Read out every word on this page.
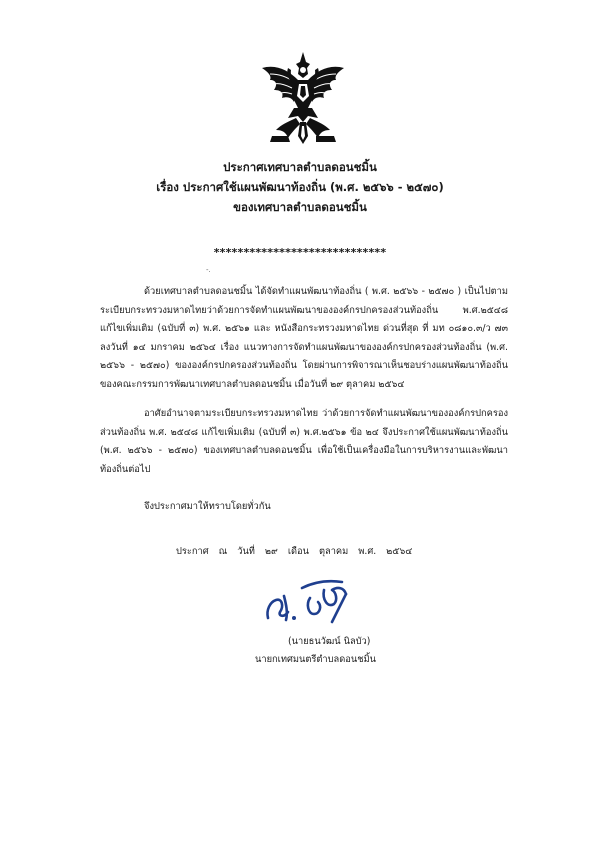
ประกาศเทศบาลตำบลดอนชมิ้น
เรื่อง ประกาศใช้แผนพัฒนาท้องถิ่น (พ.ศ. ๒๕๖๖ - ๒๕๗๐)
ของเทศบาลตำบลดอนชมิ้น
*****************************
-.

ด้วยเทศบาลตำบลดอนชมิ้น ได้จัดทำแผนพัฒนาท้องถิ่น ( พ.ศ. ๒๕๖๖ - ๒๕๗๐ ) เป็นไปตามระเบียบกระทรวงมหาดไทยว่าด้วยการจัดทำแผนพัฒนาขององค์กรปกครองส่วนท้องถิ่น พ.ศ.๒๕๔๘ แก้ไขเพิ่มเติม (ฉบับที่ ๓) พ.ศ. ๒๕๖๑ และ หนังสือกระทรวงมหาดไทย ด่วนที่สุด ที่ มท ๐๘๑๐.๓/ว ๗๓ ลงวันที่ ๑๔ มกราคม ๒๕๖๔ เรื่อง แนวทางการจัดทำแผนพัฒนาขององค์กรปกครองส่วนท้องถิ่น (พ.ศ. ๒๕๖๖ - ๒๕๗๐) ขององค์กรปกครองส่วนท้องถิ่น โดยผ่านการพิจารณาเห็นชอบร่างแผนพัฒนาท้องถิ่นของคณะกรรมการพัฒนาเทศบาลตำบลดอนชมิ้น เมื่อวันที่ ๒๙ ตุลาคม ๒๕๖๔

อาศัยอำนาจตามระเบียบกระทรวงมหาดไทย ว่าด้วยการจัดทำแผนพัฒนาขององค์กรปกครองส่วนท้องถิ่น พ.ศ. ๒๕๔๘ แก้ไขเพิ่มเติม (ฉบับที่ ๓) พ.ศ.๒๕๖๑ ข้อ ๒๔ จึงประกาศใช้แผนพัฒนาท้องถิ่น (พ.ศ. ๒๕๖๖ - ๒๕๗๐) ของเทศบาลตำบลดอนชมิ้น เพื่อใช้เป็นเครื่องมือในการบริหารงานและพัฒนาท้องถิ่นต่อไป

จึงประกาศมาให้ทราบโดยทั่วกัน
ประกาศ ณ วันที่ ๒๙ เดือน ตุลาคม พ.ศ. ๒๕๖๔
(นายธนวัฒน์ นิลบัว)
นายกเทศมนตรีตำบลดอนชมิ้น
